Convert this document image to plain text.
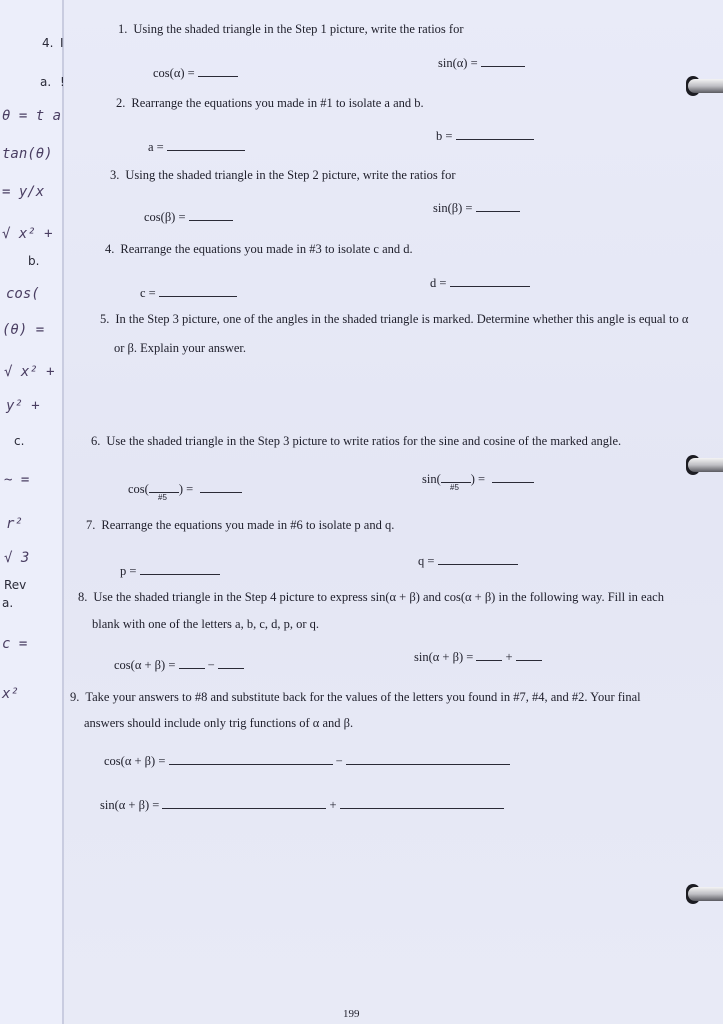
4. I
a. !
θ = t a
tan(θ)
= y/x
√ x² +
b.
cos(
(θ) =
√ x² +
y² +
c.
~ =
r²
√ 3
Rev
a.
c =
x²
1. Using the shaded triangle in the Step 1 picture, write the ratios for
cos(α) =
sin(α) =
2. Rearrange the equations you made in #1 to isolate a and b.
a =
b =
3. Using the shaded triangle in the Step 2 picture, write the ratios for
cos(β) =
sin(β) =
4. Rearrange the equations you made in #3 to isolate c and d.
c =
d =
5. In the Step 3 picture, one of the angles in the shaded triangle is marked. Determine whether this angle is equal to α
or β. Explain your answer.
6. Use the shaded triangle in the Step 3 picture to write ratios for the sine and cosine of the marked angle.
cos( ) =
#5
sin( ) =
#5
7. Rearrange the equations you made in #6 to isolate p and q.
p =
q =
8. Use the shaded triangle in the Step 4 picture to express sin(α + β) and cos(α + β) in the following way. Fill in each
blank with one of the letters a, b, c, d, p, or q.
cos(α + β) =	−
sin(α + β) =	+
9. Take your answers to #8 and substitute back for the values of the letters you found in #7, #4, and #2. Your final
answers should include only trig functions of α and β.
cos(α + β) =	−
sin(α + β) =	+
199
